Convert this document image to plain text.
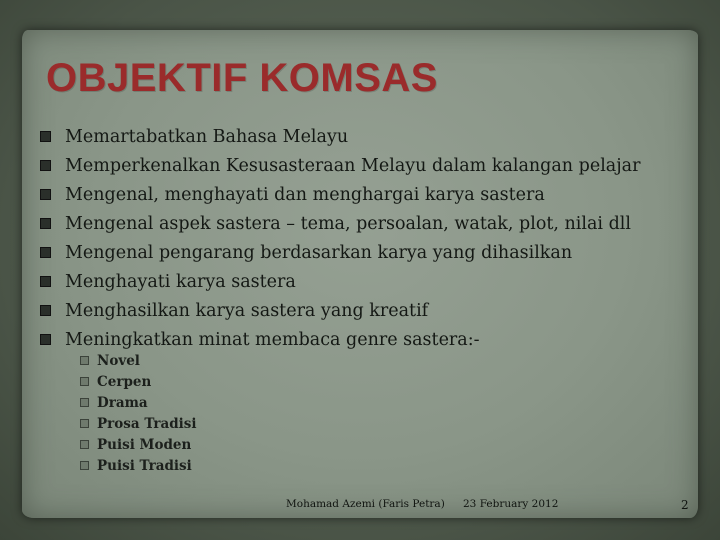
OBJEKTIF KOMSAS
Memartabatkan Bahasa Melayu
Memperkenalkan Kesusasteraan Melayu dalam kalangan pelajar
Mengenal, menghayati dan menghargai karya sastera
Mengenal aspek sastera – tema, persoalan, watak, plot, nilai dll
Mengenal pengarang berdasarkan karya yang dihasilkan
Menghayati karya sastera
Menghasilkan karya sastera yang kreatif
Meningkatkan minat membaca genre sastera:-
Novel
Cerpen
Drama
Prosa Tradisi
Puisi Moden
Puisi Tradisi
Mohamad Azemi (Faris Petra) 23 February 2012	2
